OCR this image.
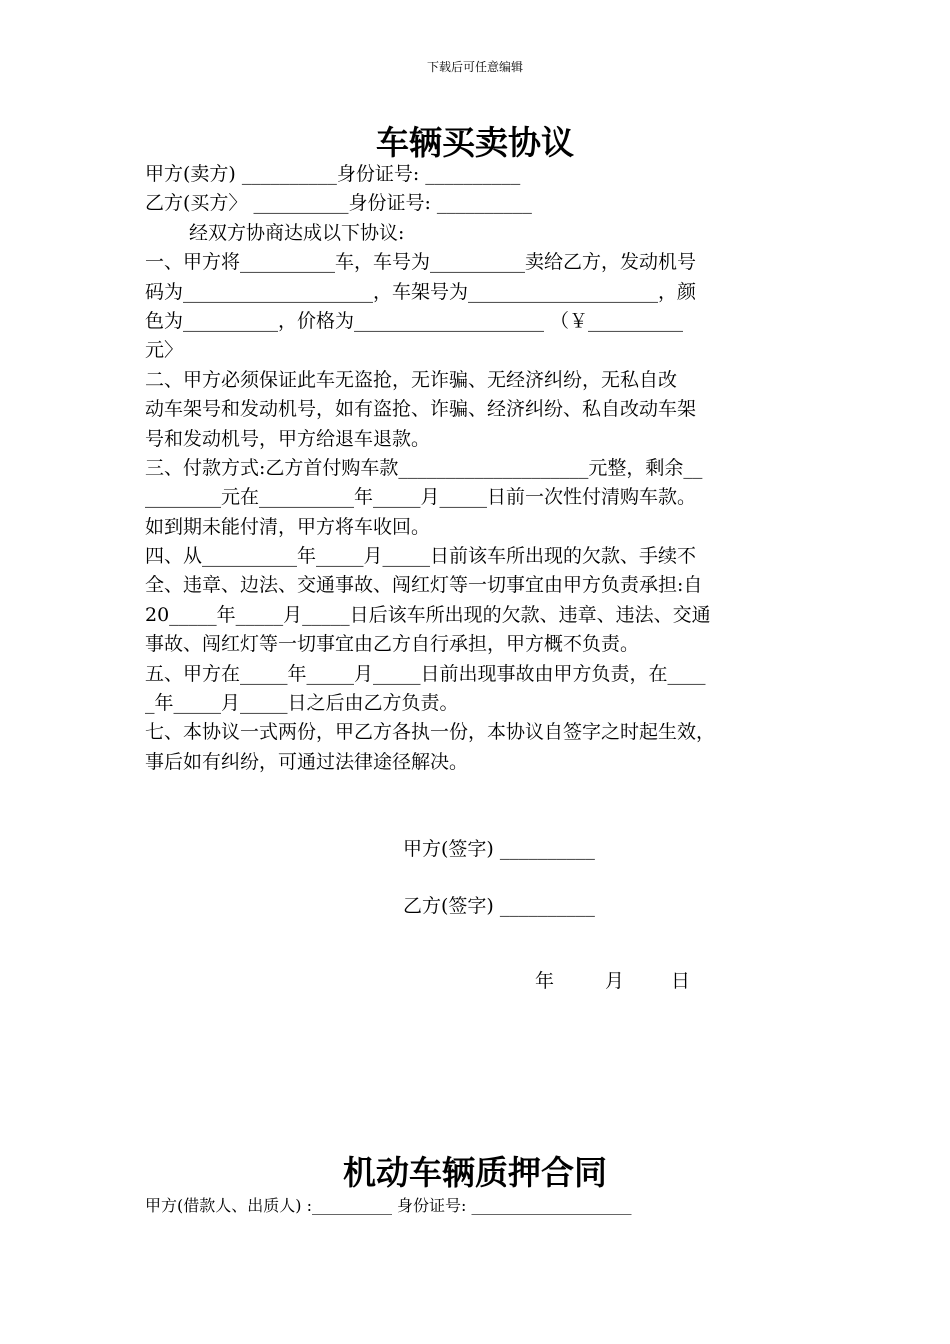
下载后可任意编辑
车辆买卖协议
甲方(卖方) __________身份证号: __________
乙方(买方〉 __________身份证号: __________
经双方协商达成以下协议:
一、甲方将__________车，车号为__________卖给乙方，发动机号
码为____________________，车架号为____________________，颜
色为__________，价格为____________________ （￥__________
元〉
二、甲方必须保证此车无盗抢，无诈骗、无经济纠纷，无私自改
动车架号和发动机号，如有盗抢、诈骗、经济纠纷、私自改动车架
号和发动机号，甲方给退车退款。
三、付款方式:乙方首付购车款____________________元整，剩余__
________元在__________年_____月_____日前一次性付清购车款。
如到期未能付清，甲方将车收回。
四、从__________年_____月_____日前该车所出现的欠款、手续不
全、违章、边法、交通事故、闯红灯等一切事宜由甲方负责承担:自
20_____年_____月_____日后该车所出现的欠款、违章、违法、交通
事故、闯红灯等一切事宜由乙方自行承担，甲方概不负责。
五、甲方在_____年_____月_____日前出现事故由甲方负责，在____
_年_____月_____日之后由乙方负责。
七、本协议一式两份，甲乙方各执一份，本协议自签字之时起生效，
事后如有纠纷，可通过法律途径解决。
甲方(签字) __________
乙方(签字) __________
年	月 日
机动车辆质押合同
甲方(借款人、出质人) :__________ 身份证号: ____________________
